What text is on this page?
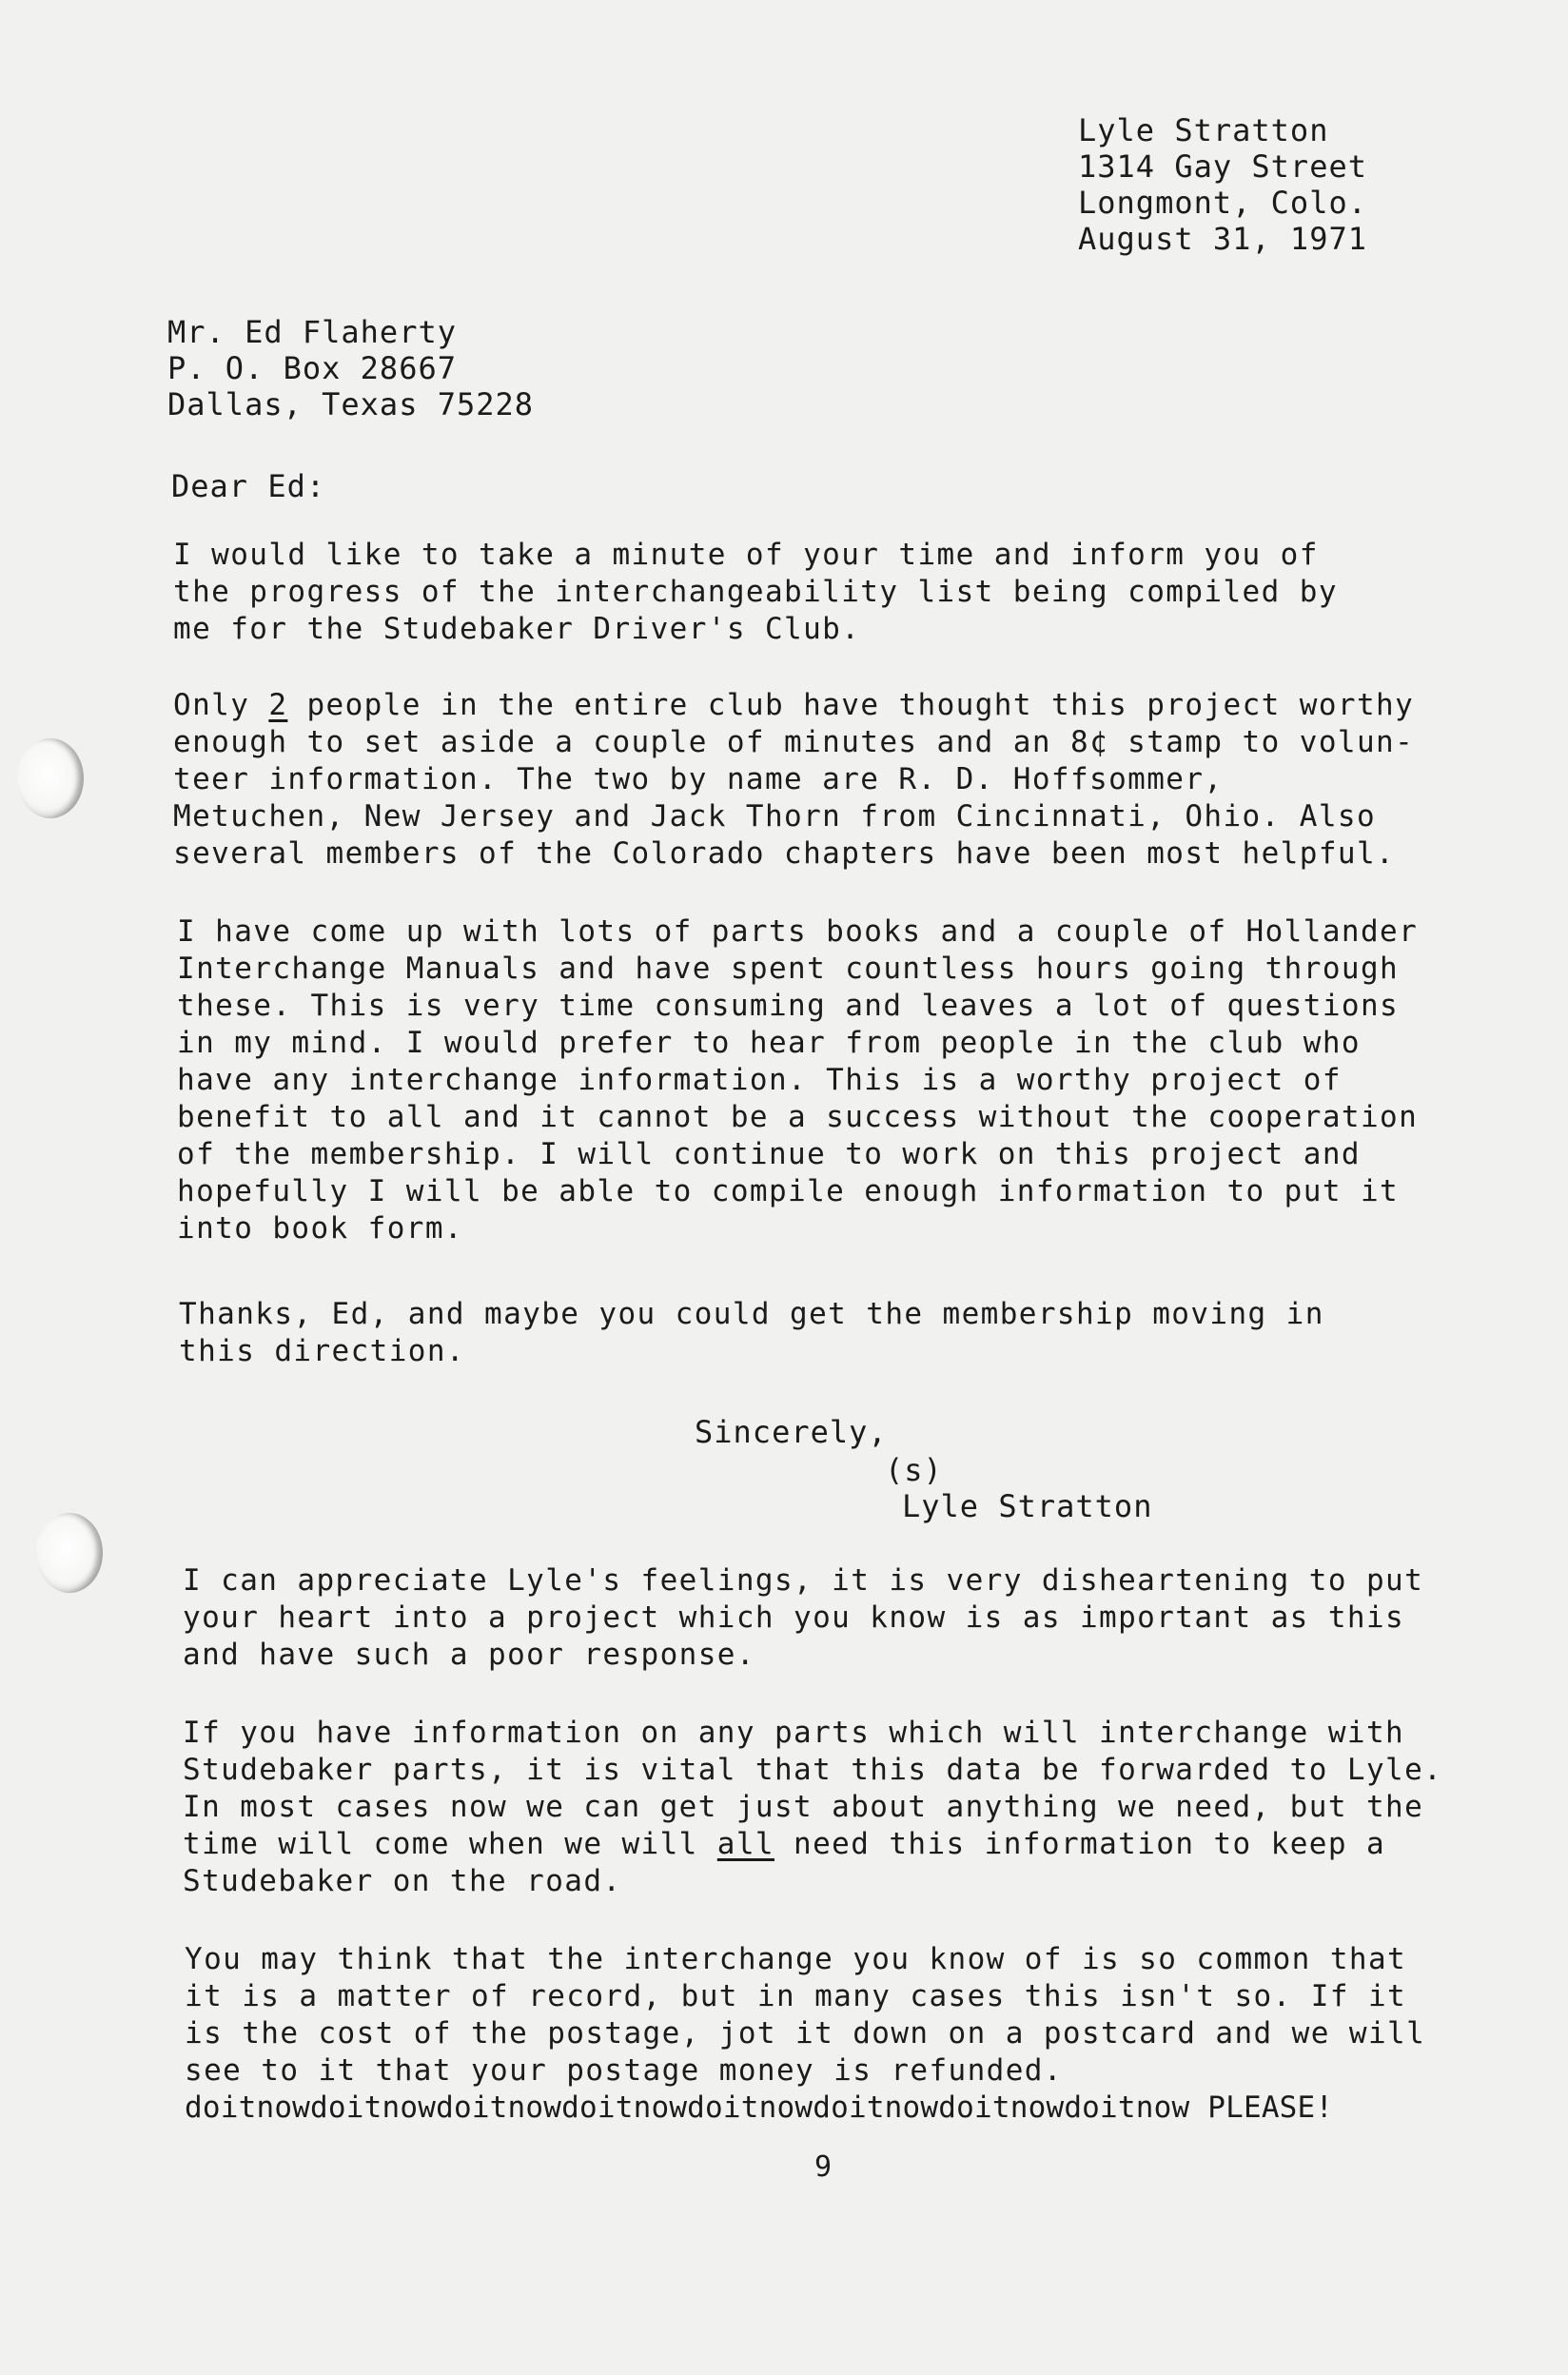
Lyle Stratton
1314 Gay Street
Longmont, Colo.
August 31, 1971
Mr. Ed Flaherty
P. O. Box 28667
Dallas, Texas 75228
Dear Ed:
I would like to take a minute of your time and inform you of
the progress of the interchangeability list being compiled by
me for the Studebaker Driver's Club.
Only 2 people in the entire club have thought this project worthy
enough to set aside a couple of minutes and an 8¢ stamp to volun-
teer information. The two by name are R. D. Hoffsommer,
Metuchen, New Jersey and Jack Thorn from Cincinnati, Ohio. Also
several members of the Colorado chapters have been most helpful.
I have come up with lots of parts books and a couple of Hollander
Interchange Manuals and have spent countless hours going through
these. This is very time consuming and leaves a lot of questions
in my mind. I would prefer to hear from people in the club who
have any interchange information. This is a worthy project of
benefit to all and it cannot be a success without the cooperation
of the membership. I will continue to work on this project and
hopefully I will be able to compile enough information to put it
into book form.
Thanks, Ed, and maybe you could get the membership moving in
this direction.
Sincerely,
(s)
Lyle Stratton
I can appreciate Lyle's feelings, it is very disheartening to put
your heart into a project which you know is as important as this
and have such a poor response.
If you have information on any parts which will interchange with
Studebaker parts, it is vital that this data be forwarded to Lyle.
In most cases now we can get just about anything we need, but the
time will come when we will all need this information to keep a
Studebaker on the road.
You may think that the interchange you know of is so common that
it is a matter of record, but in many cases this isn't so. If it
is the cost of the postage, jot it down on a postcard and we will
see to it that your postage money is refunded.
doitnowdoitnowdoitnowdoitnowdoitnowdoitnowdoitnowdoitnow PLEASE!
9
